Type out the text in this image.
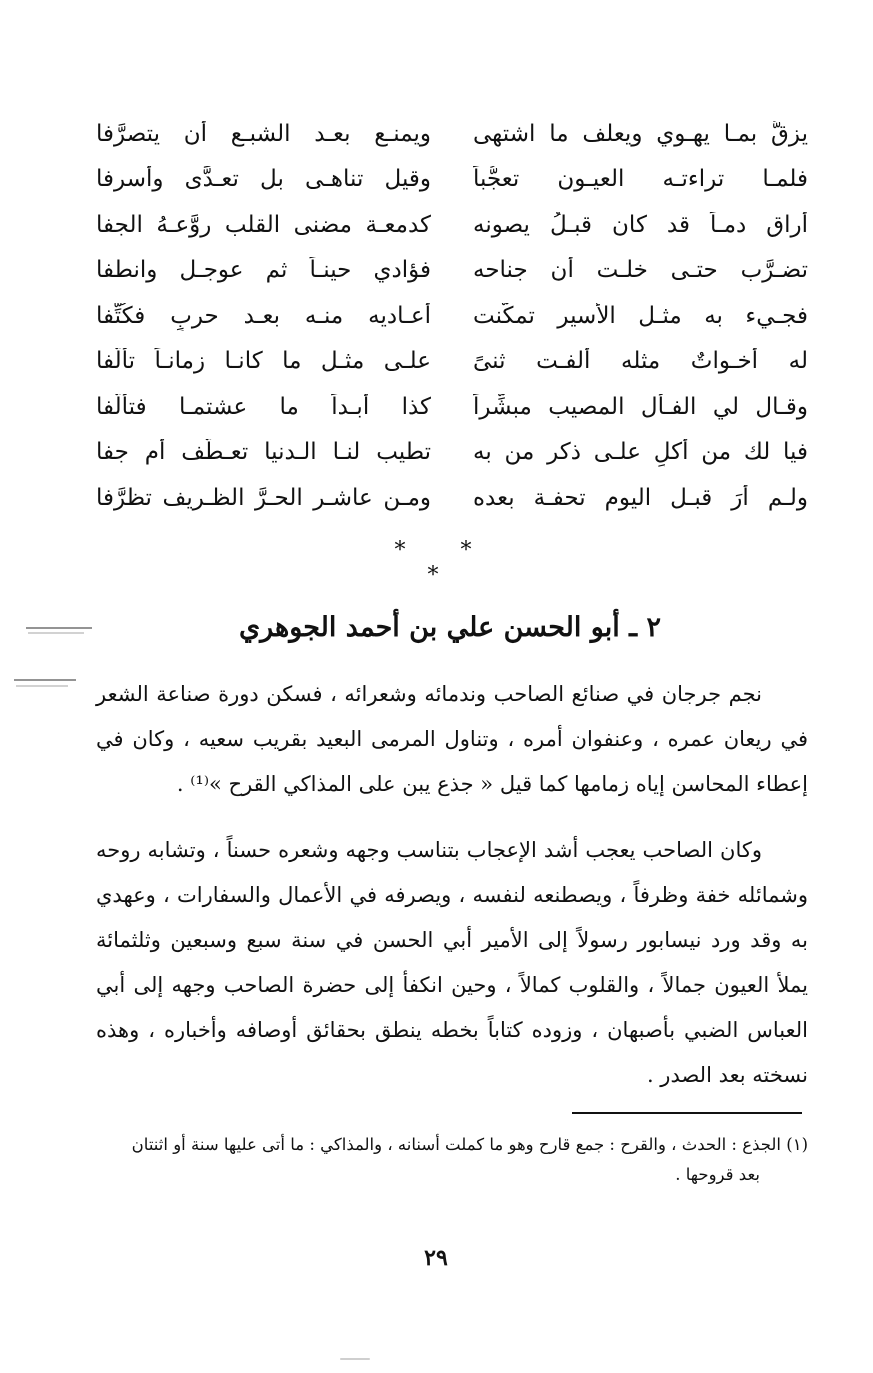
يزقُّ بمـا يهـوي ويعلف ما اشتهى
ويمنـع بعـد الشبـع أن يتصرَّفا
فلمـا تراءتـه العيـون تعجُّباً
وقيل تناهـى بل تعـدَّى وأسرفا
أراق دمـاً قد كان قبـلُ يصونه
كدمعـة مضنى القلب روَّعـهُ الجفا
تضـرَّب حتـى خلـت أن جناحه
فؤادي حينـاً ثم عوجـل وانطفا
فجـيء به مثـل الأسير تمكَّنت
أعـاديه منـه بعـد حربٍ فكُتِّفا
له أخـواتٌ مثله ألفـت ثنىً
علـى مثـل ما كانـا زمانـاً تألَّفا
وقـال لي الفـأل المصيب مبشِّراً
كذا أبـداً ما عشتمـا فتألَّفا
فيا لك من أكلٍ علـى ذكر من به
تطيب لنـا الـدنيا تعـطَّف أم جفا
ولـم أرَ قبـل اليوم تحفـة بعده
ومـن عاشـر الحـرَّ الظـريف تظرَّفا
* * *
٢ ـ أبو الحسن علي بن أحمد الجوهري

نجم جرجان في صنائع الصاحب وندمائه وشعرائه ، فسكن دورة صناعة الشعر في ريعان عمره ، وعنفوان أمره ، وتناول المرمى البعيد بقريب سعيه ، وكان في إعطاء المحاسن إياه زمامها كما قيل « جذع يبن على المذاكي القرح »⁽¹⁾ .

وكان الصاحب يعجب أشد الإعجاب بتناسب وجهه وشعره حسناً ، وتشابه روحه وشمائله خفة وظرفاً ، ويصطنعه لنفسه ، ويصرفه في الأعمال والسفارات ، وعهدي به وقد ورد نيسابور رسولاً إلى الأمير أبي الحسن في سنة سبع وسبعين وثلثمائة يملأ العيون جمالاً ، والقلوب كمالاً ، وحين انكفأ إلى حضرة الصاحب وجهه إلى أبي العباس الضبي بأصبهان ، وزوده كتاباً بخطه ينطق بحقائق أوصافه وأخباره ، وهذه نسخته بعد الصدر .

(١) الجذع : الحدث ، والقرح : جمع قارح وهو ما كملت أسنانه ، والمذاكي : ما أتى عليها سنة أو اثنتان
بعد قروحها .
٢٩
